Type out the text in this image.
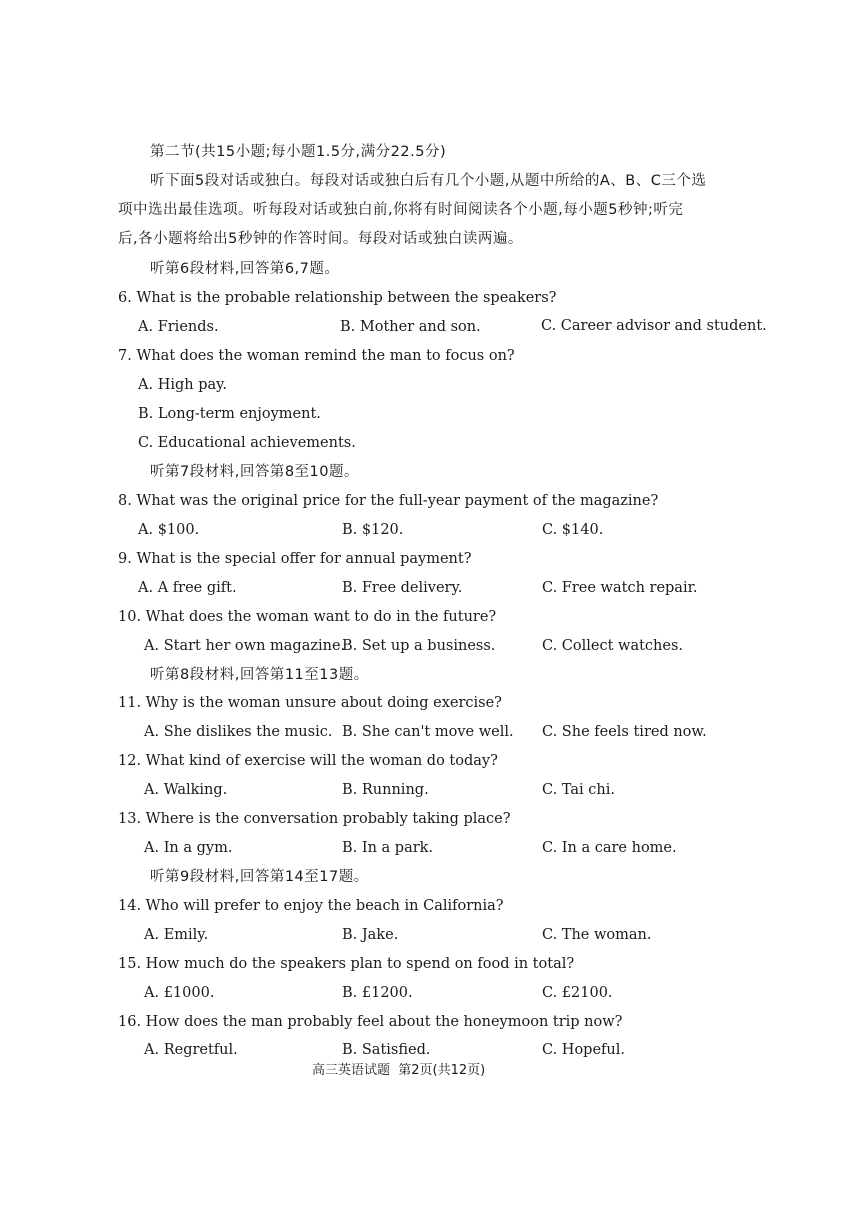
第二节(共15小题;每小题1.5分,满分22.5分)
听下面5段对话或独白。每段对话或独白后有几个小题,从题中所给的A、B、C三个选
项中选出最佳选项。听每段对话或独白前,你将有时间阅读各个小题,每小题5秒钟;听完
后,各小题将给出5秒钟的作答时间。每段对话或独白读两遍。
听第6段材料,回答第6,7题。
6. What is the probable relationship between the speakers?
A. Friends.	B. Mother and son.	C. Career advisor and student.
7. What does the woman remind the man to focus on?
A. High pay.
B. Long-term enjoyment.
C. Educational achievements.
听第7段材料,回答第8至10题。
8. What was the original price for the full-year payment of the magazine?
A. $100.	B. $120.	C. $140.
9. What is the special offer for annual payment?
A. A free gift.	B. Free delivery.	C. Free watch repair.
10. What does the woman want to do in the future?
A. Start her own magazine.
B. Set up a business.	C. Collect watches.
听第8段材料,回答第11至13题。
11. Why is the woman unsure about doing exercise?
A. She dislikes the music. B. She can't move well. C. She feels tired now.
12. What kind of exercise will the woman do today?
A. Walking.	B. Running.	C. Tai chi.
13. Where is the conversation probably taking place?
A. In a gym.	B. In a park.	C. In a care home.
听第9段材料,回答第14至17题。
14. Who will prefer to enjoy the beach in California?
A. Emily.	B. Jake.	C. The woman.
15. How much do the speakers plan to spend on food in total?
A. £1000.	B. £1200.	C. £2100.
16. How does the man probably feel about the honeymoon trip now?
A. Regretful.	B. Satisfied.	C. Hopeful.
高三英语试题  第2页(共12页)
